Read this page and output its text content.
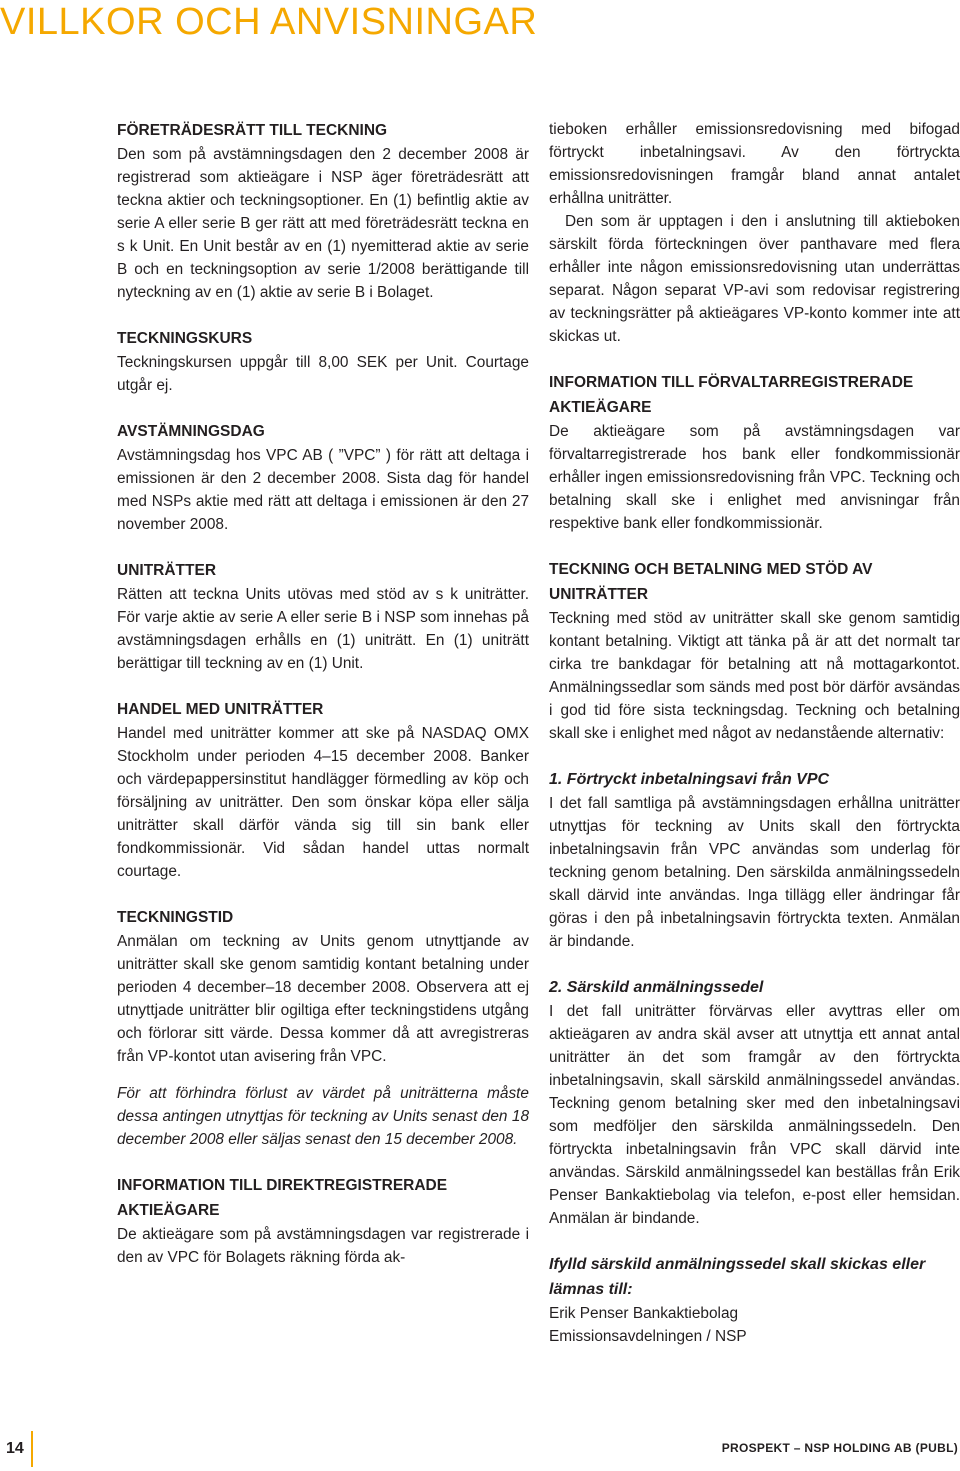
VILLKOR OCH ANVISNINGAR
FÖRETRÄDESRÄTT TILL TECKNING

Den som på avstämningsdagen den 2 december 2008 är registrerad som aktieägare i NSP äger företrädesrätt att teckna aktier och teckningsoptioner. En (1) befintlig aktie av serie A eller serie B ger rätt att med företrädesrätt teckna en s k Unit. En Unit består av en (1) nyemitterad aktie av serie B och en teckningsoption av serie 1/2008 berättigande till nyteckning av en (1) aktie av serie B i Bolaget.

TECKNINGSKURS

Teckningskursen uppgår till 8,00 SEK per Unit. Courtage utgår ej.

AVSTÄMNINGSDAG

Avstämningsdag hos VPC AB ( ”VPC” ) för rätt att deltaga i emissionen är den 2 december 2008. Sista dag för handel med NSPs aktie med rätt att deltaga i emissionen är den 27 november 2008.

UNITRÄTTER

Rätten att teckna Units utövas med stöd av s k uniträtter. För varje aktie av serie A eller serie B i NSP som innehas på avstämningsdagen erhålls en (1) uniträtt. En (1) uniträtt berättigar till teckning av en (1) Unit.

HANDEL MED UNITRÄTTER

Handel med uniträtter kommer att ske på NASDAQ OMX Stockholm under perioden 4–15 december 2008. Banker och värdepappersinstitut handlägger förmedling av köp och försäljning av uniträtter. Den som önskar köpa eller sälja uniträtter skall därför vända sig till sin bank eller fondkommissionär. Vid sådan handel uttas normalt courtage.

TECKNINGSTID

Anmälan om teckning av Units genom utnyttjande av uniträtter skall ske genom samtidig kontant betalning under perioden 4 december–18 december 2008. Observera att ej utnyttjade uniträtter blir ogiltiga efter teckningstidens utgång och förlorar sitt värde. Dessa kommer då att avregistreras från VP-kontot utan avisering från VPC.

För att förhindra förlust av värdet på uniträtterna måste dessa antingen utnyttjas för teckning av Units senast den 18 december 2008 eller säljas senast den 15 december 2008.

INFORMATION TILL DIREKTREGISTRERADE AKTIEÄGARE

De aktieägare som på avstämningsdagen var registrerade i den av VPC för Bolagets räkning förda ak-

tieboken erhåller emissionsredovisning med bifogad förtryckt inbetalningsavi. Av den förtryckta emissionsredovisningen framgår bland annat antalet erhållna uniträtter.

Den som är upptagen i den i anslutning till aktieboken särskilt förda förteckningen över panthavare med flera erhåller inte någon emissionsredovisning utan underrättas separat. Någon separat VP-avi som redovisar registrering av teckningsrätter på aktieägares VP-konto kommer inte att skickas ut.

INFORMATION TILL FÖRVALTARREGISTRERADE AKTIEÄGARE

De aktieägare som på avstämningsdagen var förvaltarregistrerade hos bank eller fondkommissionär erhåller ingen emissionsredovisning från VPC. Teckning och betalning skall ske i enlighet med anvisningar från respektive bank eller fondkommissionär.

TECKNING OCH BETALNING MED STÖD AV UNITRÄTTER

Teckning med stöd av uniträtter skall ske genom samtidig kontant betalning. Viktigt att tänka på är att det normalt tar cirka tre bankdagar för betalning att nå mottagarkontot. Anmälningssedlar som sänds med post bör därför avsändas i god tid före sista teckningsdag. Teckning och betalning skall ske i enlighet med något av nedanstående alternativ:

1. Förtryckt inbetalningsavi från VPC

I det fall samtliga på avstämningsdagen erhållna uniträtter utnyttjas för teckning av Units skall den förtryckta inbetalningsavin från VPC användas som underlag för teckning genom betalning. Den särskilda anmälningssedeln skall därvid inte användas. Inga tillägg eller ändringar får göras i den på inbetalningsavin förtryckta texten. Anmälan är bindande.

2. Särskild anmälningssedel

I det fall uniträtter förvärvas eller avyttras eller om aktieägaren av andra skäl avser att utnyttja ett annat antal uniträtter än det som framgår av den förtryckta inbetalningsavin, skall särskild anmälningssedel användas. Teckning genom betalning sker med den inbetalningsavi som medföljer den särskilda anmälningssedeln. Den förtryckta inbetalningsavin från VPC skall därvid inte användas. Särskild anmälningssedel kan beställas från Erik Penser Bankaktiebolag via telefon, e-post eller hemsidan. Anmälan är bindande.

Ifylld särskild anmälningssedel skall skickas eller lämnas till:

Erik Penser Bankaktiebolag

Emissionsavdelningen / NSP

14	PROSPEKT – NSP HOLDING AB (PUBL)
